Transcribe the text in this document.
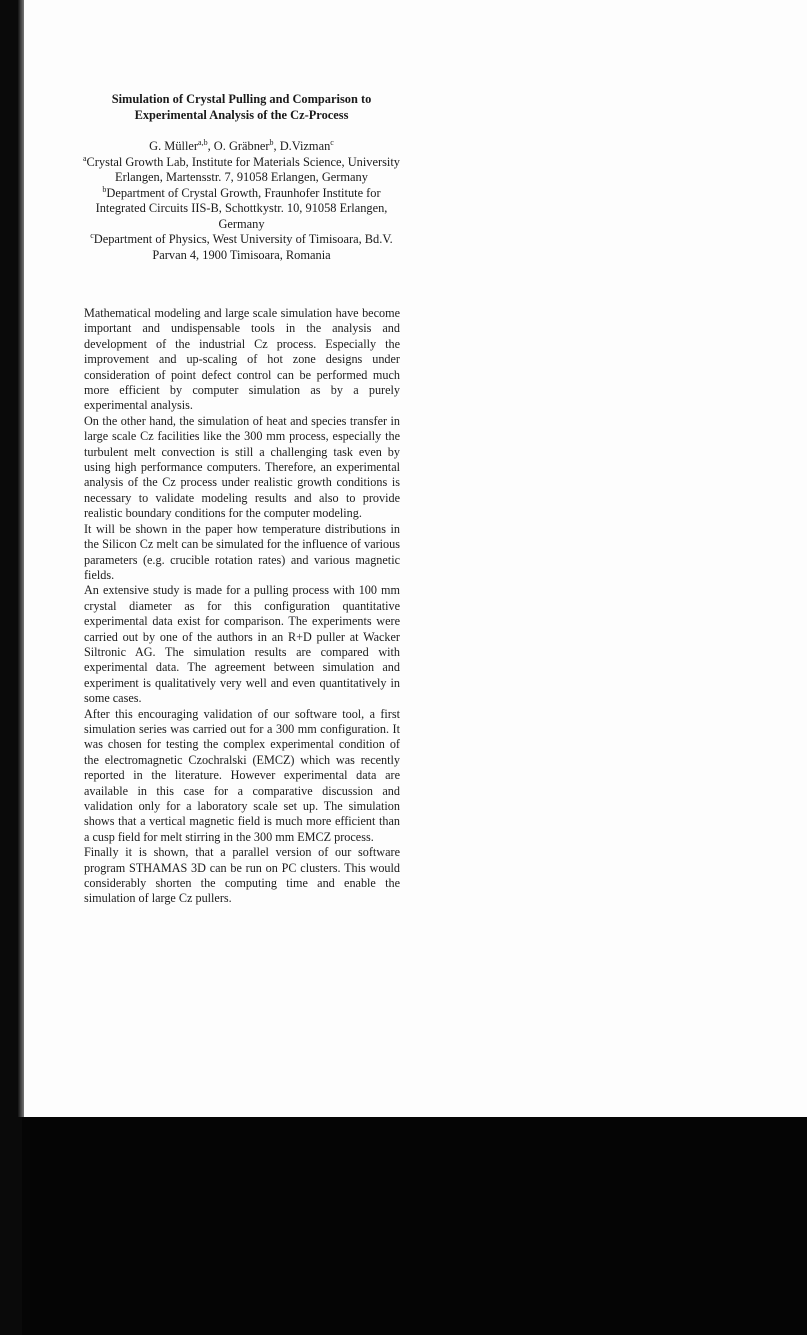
Simulation of Crystal Pulling and Comparison to
Experimental Analysis of the Cz-Process

G. Müller$^{a,b}$, O. Gräbner$^b$, D.Vizman$^c$

$^a$Crystal Growth Lab, Institute for Materials Science, University Erlangen, Martensstr. 7, 91058 Erlangen, Germany

$^b$Department of Crystal Growth, Fraunhofer Institute for Integrated Circuits IIS-B, Schottkystr. 10, 91058 Erlangen, Germany

$^c$Department of Physics, West University of Timisoara, Bd.V. Parvan 4, 1900 Timisoara, Romania

Mathematical modeling and large scale simulation have become important and undispensable tools in the analysis and development of the industrial Cz process. Especially the improvement and up-scaling of hot zone designs under consideration of point defect control can be performed much more efficient by computer simulation as by a purely experimental analysis.

On the other hand, the simulation of heat and species transfer in large scale Cz facilities like the 300 mm process, especially the turbulent melt convection is still a challenging task even by using high performance computers. Therefore, an experimental analysis of the Cz process under realistic growth conditions is necessary to validate modeling results and also to provide realistic boundary conditions for the computer modeling.

It will be shown in the paper how temperature distributions in the Silicon Cz melt can be simulated for the influence of various parameters (e.g. crucible rotation rates) and various magnetic fields.

An extensive study is made for a pulling process with 100 mm crystal diameter as for this configuration quantitative experimental data exist for comparison. The experiments were carried out by one of the authors in an R+D puller at Wacker Siltronic AG. The simulation results are compared with experimental data. The agreement between simulation and experiment is qualitatively very well and even quantitatively in some cases.

After this encouraging validation of our software tool, a first simulation series was carried out for a 300 mm configuration. It was chosen for testing the complex experimental condition of the electromagnetic Czochralski (EMCZ) which was recently reported in the literature. However experimental data are available in this case for a comparative discussion and validation only for a laboratory scale set up. The simulation shows that a vertical magnetic field is much more efficient than a cusp field for melt stirring in the 300 mm EMCZ process.

Finally it is shown, that a parallel version of our software program STHAMAS 3D can be run on PC clusters. This would considerably shorten the computing time and enable the simulation of large Cz pullers.
